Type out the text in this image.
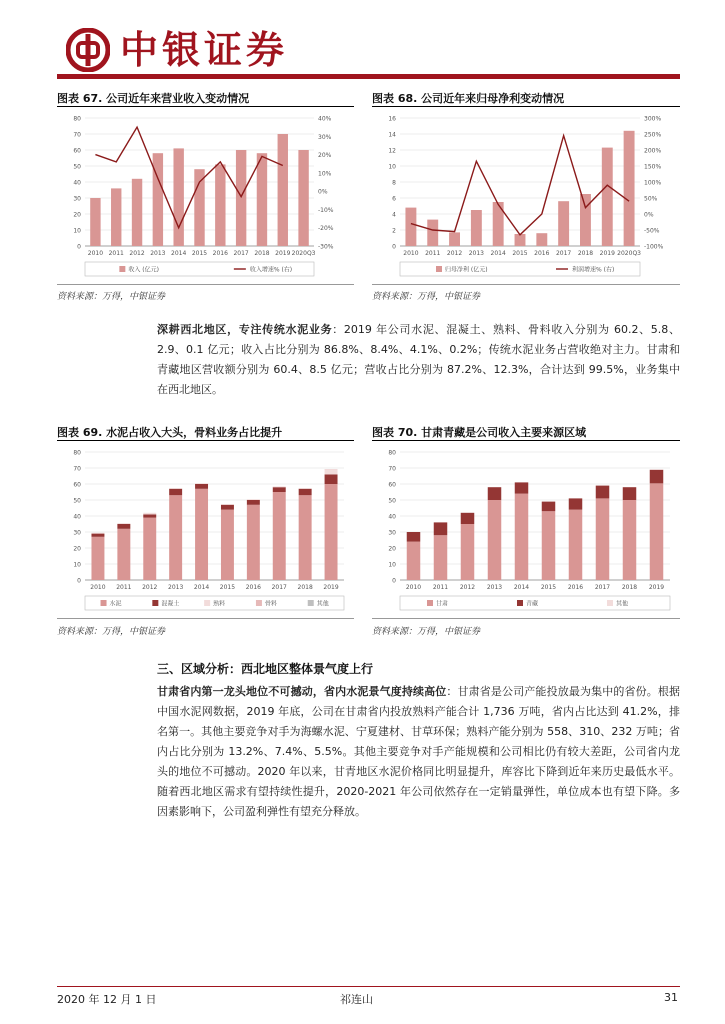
中银证券
图表 67. 公司近年来营业收入变动情况
0
10
20
30
40
50
60
70
80
-30%
-20%
-10%
0%
10%
20%
30%
40%
2010 2011 2012 2013 2014 2015 2016 2017 2018 2019 2020Q3
收入 (亿元)	收入增速% (右)
资料来源：万得，中银证券
图表 68. 公司近年来归母净利变动情况
0
2
4
6
8
10
12
14
16
-100%
-50%
0%
50%
100%
150%
200%
250%
300%
2010 2011 2012 2013 2014 2015 2016 2017 2018 2019 2020Q3
归母净利 (亿元)	利润增速% (右)
资料来源：万得，中银证券
深耕西北地区，专注传统水泥业务：2019 年公司水泥、混凝土、熟料、骨料收入分别为 60.2、5.8、2.9、0.1 亿元；收入占比分别为 86.8%、8.4%、4.1%、0.2%；传统水泥业务占营收绝对主力。甘肃和青藏地区营收额分别为 60.4、8.5 亿元；营收占比分别为 87.2%、12.3%，合计达到 99.5%，业务集中在西北地区。
图表 69. 水泥占收入大头，骨料业务占比提升
0
10
20
30
40
50
60
70
80
2010 2011 2012 2013 2014 2015 2016 2017 2018 2019
水泥	混凝土	熟料	骨料	其他
资料来源：万得，中银证券
图表 70. 甘肃青藏是公司收入主要来源区域
0
10
20
30
40
50
60
70
80
2010 2011 2012 2013 2014 2015 2016 2017 2018 2019
甘肃	青藏	其他
资料来源：万得，中银证券
三、区域分析：西北地区整体景气度上行
甘肃省内第一龙头地位不可撼动，省内水泥景气度持续高位：甘肃省是公司产能投放最为集中的省份。根据中国水泥网数据，2019 年底，公司在甘肃省内投放熟料产能合计 1,736 万吨，省内占比达到 41.2%，排名第一。其他主要竞争对手为海螺水泥、宁夏建材、甘草环保；熟料产能分别为 558、310、232 万吨；省内占比分别为 13.2%、7.4%、5.5%。其他主要竞争对手产能规模和公司相比仍有较大差距，公司省内龙头的地位不可撼动。2020 年以来，甘青地区水泥价格同比明显提升，库容比下降到近年来历史最低水平。随着西北地区需求有望持续性提升，2020-2021 年公司依然存在一定销量弹性，单位成本也有望下降。多因素影响下，公司盈利弹性有望充分释放。
2020 年 12 月 1 日	祁连山	31
